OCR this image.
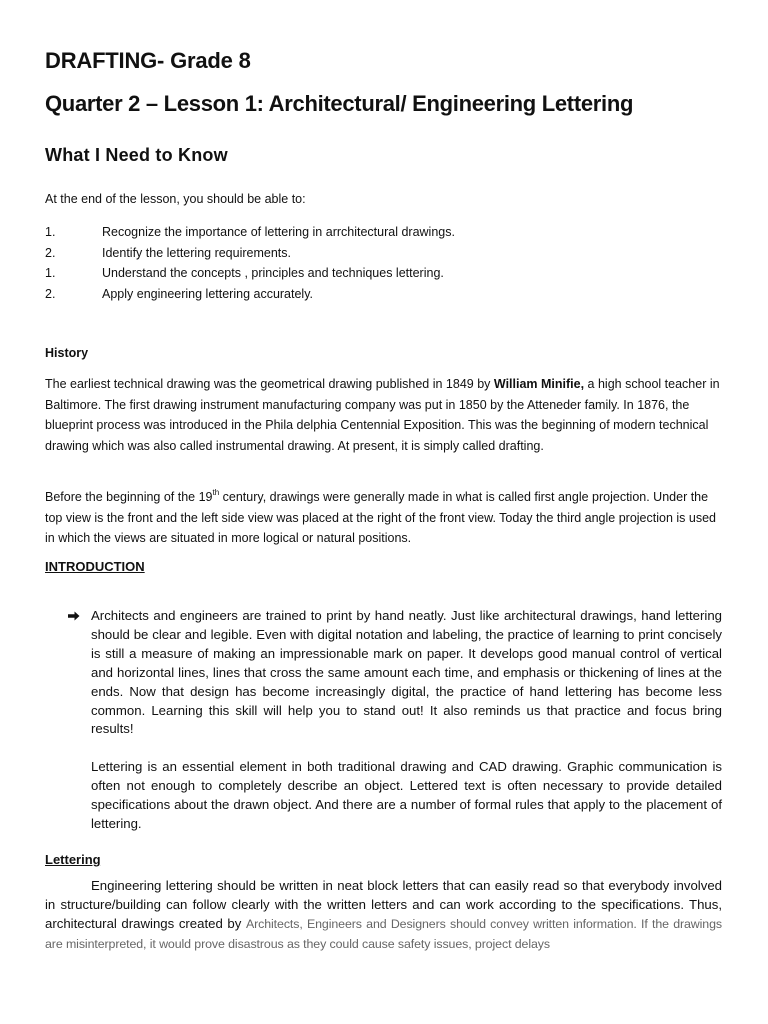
DRAFTING- Grade 8
Quarter 2 – Lesson 1: Architectural/ Engineering Lettering
What I Need to Know
At the end of the lesson, you should be able to:
1.	Recognize the importance of lettering in arrchitectural drawings.
2.	Identify the lettering requirements.
1.	Understand the concepts , principles and techniques lettering.
2.	Apply engineering lettering accurately.
History
The earliest technical drawing was the geometrical drawing published in 1849 by William Minifie, a high school teacher in Baltimore. The first drawing instrument manufacturing company was put in 1850 by the Atteneder family. In 1876, the blueprint process was introduced in the Phila delphia Centennial Exposition. This was the beginning of modern technical drawing which was also called instrumental drawing. At present, it is simply called drafting.
Before the beginning of the 19th century, drawings were generally made in what is called first angle projection. Under the top view is the front and the left side view was placed at the right of the front view. Today the third angle projection is used in which the views are situated in more logical or natural positions.
INTRODUCTION
Architects and engineers are trained to print by hand neatly. Just like architectural drawings, hand lettering should be clear and legible. Even with digital notation and labeling, the practice of learning to print concisely is still a measure of making an impressionable mark on paper. It develops good manual control of vertical and horizontal lines, lines that cross the same amount each time, and emphasis or thickening of lines at the ends. Now that design has become increasingly digital, the practice of hand lettering has become less common. Learning this skill will help you to stand out! It also reminds us that practice and focus bring results!
Lettering is an essential element in both traditional drawing and CAD drawing. Graphic communication is often not enough to completely describe an object. Lettered text is often necessary to provide detailed specifications about the drawn object. And there are a number of formal rules that apply to the placement of lettering.
Lettering
Engineering lettering should be written in neat block letters that can easily read so that everybody involved in structure/building can follow clearly with the written letters and can work according to the specifications. Thus, architectural drawings created by Architects, Engineers and Designers should convey written information. If the drawings are misinterpreted, it would prove disastrous as they could cause safety issues, project delays
